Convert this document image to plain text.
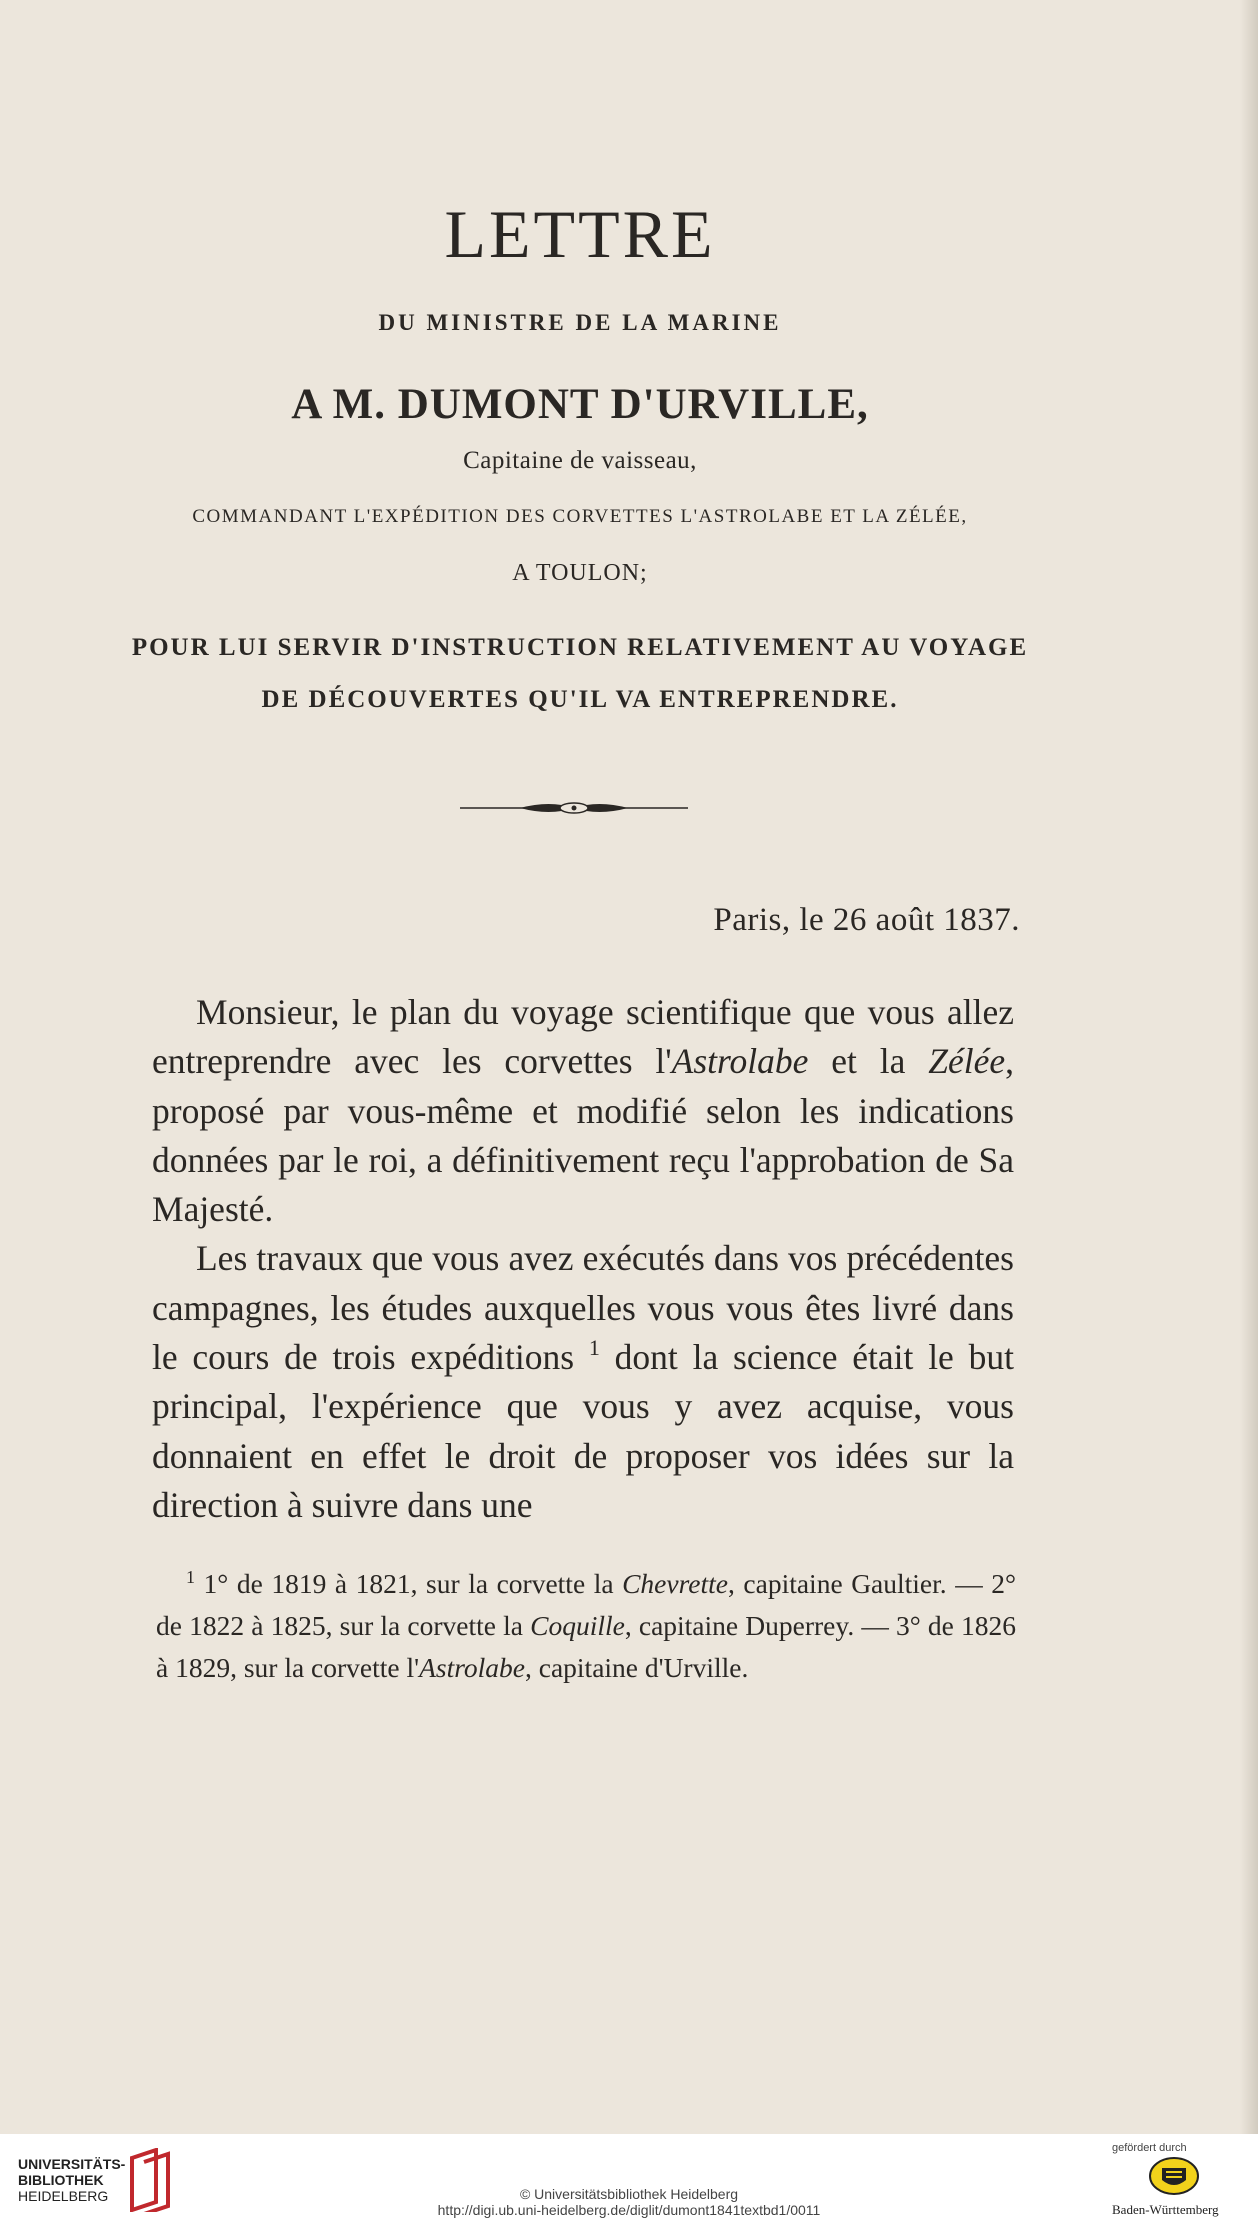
LETTRE
DU MINISTRE DE LA MARINE
A M. DUMONT D'URVILLE,
Capitaine de vaisseau,
COMMANDANT L'EXPÉDITION DES CORVETTES L'ASTROLABE ET LA ZÉLÉE,
A TOULON;
POUR LUI SERVIR D'INSTRUCTION RELATIVEMENT AU VOYAGE
DE DÉCOUVERTES QU'IL VA ENTREPRENDRE.
Paris, le 26 août 1837.

Monsieur, le plan du voyage scientifique que vous allez entreprendre avec les corvettes l'Astrolabe et la Zélée, proposé par vous-même et modifié selon les indications données par le roi, a définitivement reçu l'approbation de Sa Majesté.

Les travaux que vous avez exécutés dans vos précédentes campagnes, les études auxquelles vous vous êtes livré dans le cours de trois expéditions $^1$ dont la science était le but principal, l'expérience que vous y avez acquise, vous donnaient en effet le droit de proposer vos idées sur la direction à suivre dans une

$^1$ 1° de 1819 à 1821, sur la corvette la Chevrette, capitaine Gaultier. — 2° de 1822 à 1825, sur la corvette la Coquille, capitaine Duperrey. — 3° de 1826 à 1829, sur la corvette l'Astrolabe, capitaine d'Urville.

UNIVERSITÄTS-
BIBLIOTHEK
HEIDELBERG	© Universitätsbibliothek Heidelberg
http://digi.ub.uni-heidelberg.de/diglit/dumont1841textbd1/0011
gefördert durch
Baden-Württemberg
